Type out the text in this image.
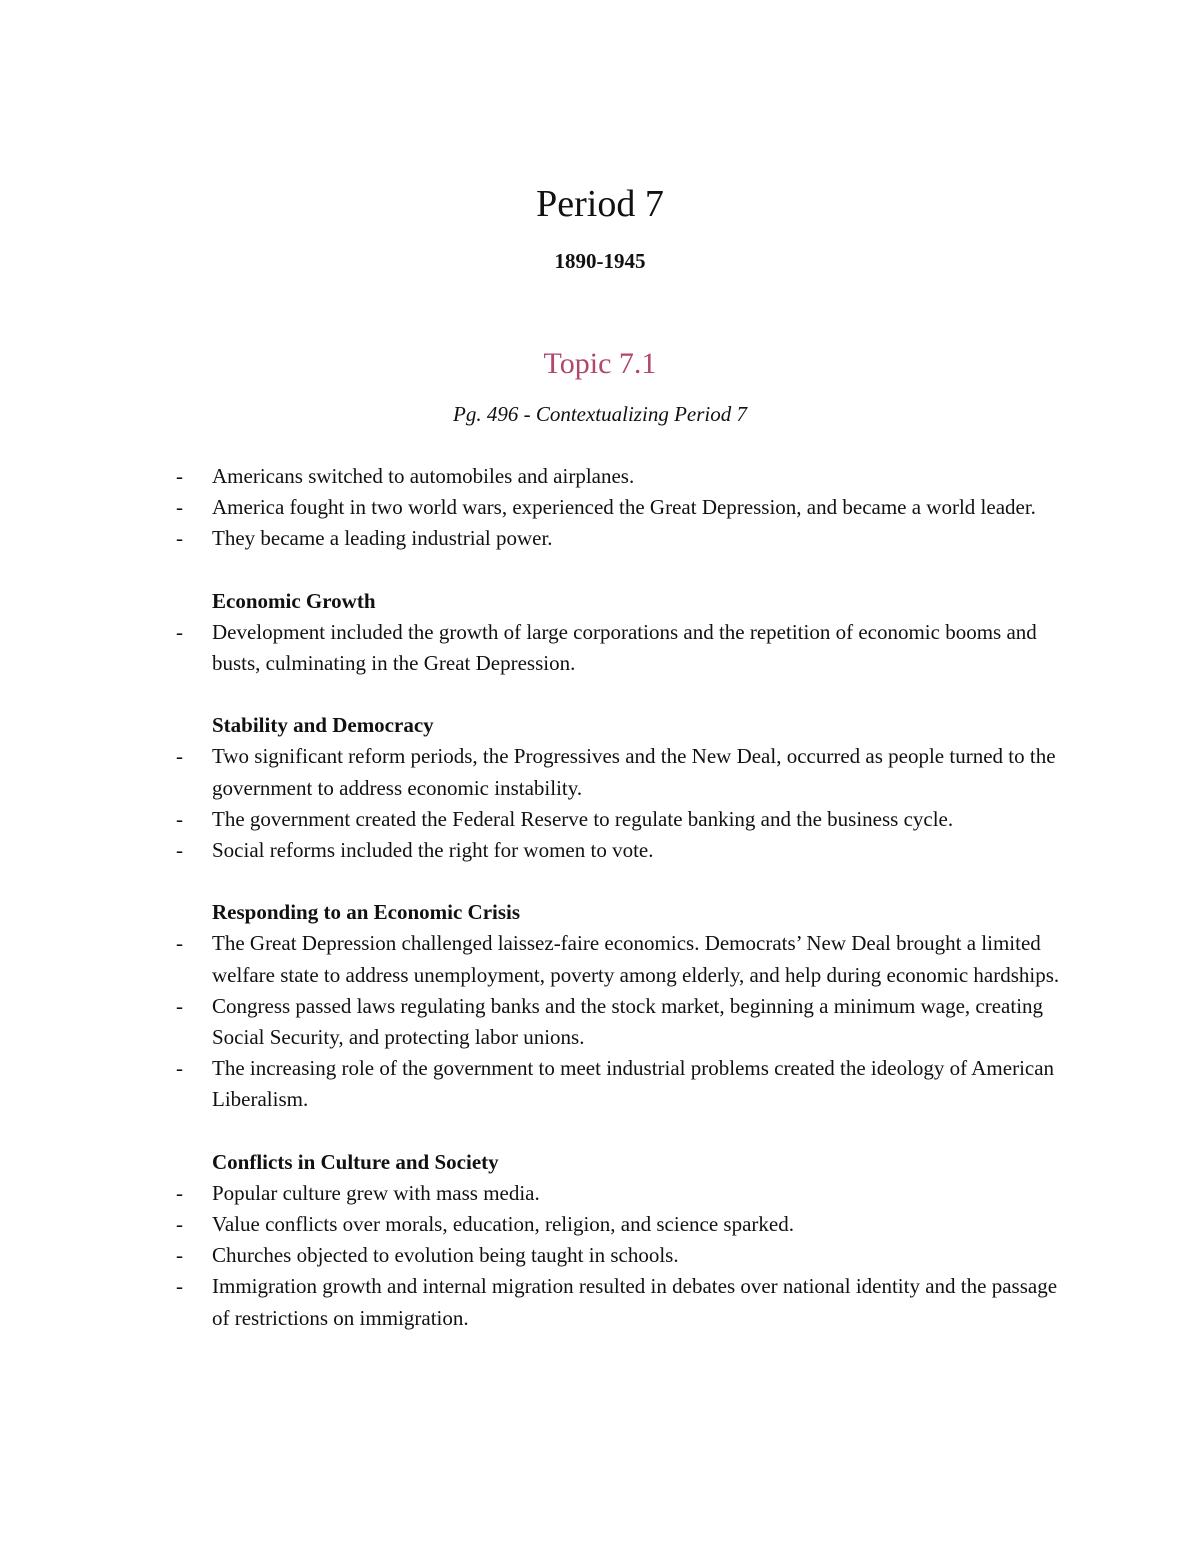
Period 7
1890-1945
Topic 7.1
Pg. 496 - Contextualizing Period 7
- Americans switched to automobiles and airplanes.
- America fought in two world wars, experienced the Great Depression, and became a world leader.
- They became a leading industrial power.
Economic Growth
- Development included the growth of large corporations and the repetition of economic booms and busts, culminating in the Great Depression.
Stability and Democracy
- Two significant reform periods, the Progressives and the New Deal, occurred as people turned to the government to address economic instability.
- The government created the Federal Reserve to regulate banking and the business cycle.
- Social reforms included the right for women to vote.
Responding to an Economic Crisis
- The Great Depression challenged laissez-faire economics. Democrats’ New Deal brought a limited welfare state to address unemployment, poverty among elderly, and help during economic hardships.
- Congress passed laws regulating banks and the stock market, beginning a minimum wage, creating Social Security, and protecting labor unions.
- The increasing role of the government to meet industrial problems created the ideology of American Liberalism.
Conflicts in Culture and Society
- Popular culture grew with mass media.
- Value conflicts over morals, education, religion, and science sparked.
- Churches objected to evolution being taught in schools.
- Immigration growth and internal migration resulted in debates over national identity and the passage of restrictions on immigration.
